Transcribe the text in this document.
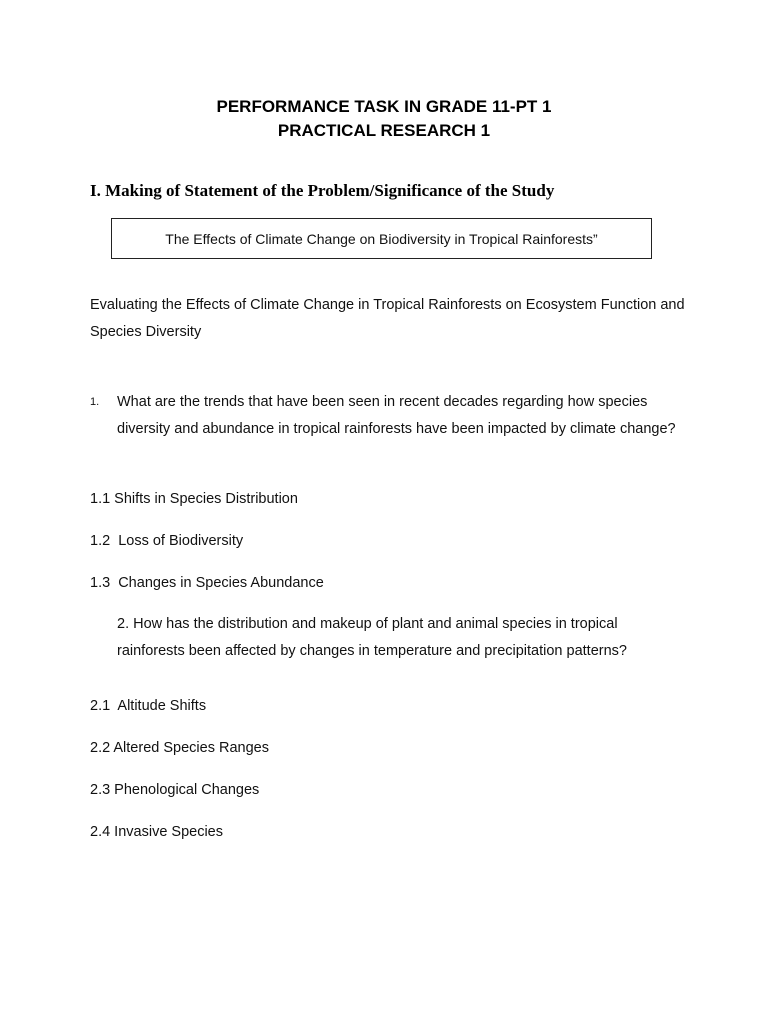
PERFORMANCE TASK IN GRADE 11-PT 1
PRACTICAL RESEARCH 1
I. Making of Statement of the Problem/Significance of the Study
The Effects of Climate Change on Biodiversity in Tropical Rainforests”
Evaluating the Effects of Climate Change in Tropical Rainforests on Ecosystem Function and Species Diversity
1. What are the trends that have been seen in recent decades regarding how species diversity and abundance in tropical rainforests have been impacted by climate change?
1.1 Shifts in Species Distribution
1.2  Loss of Biodiversity
1.3  Changes in Species Abundance
2. How has the distribution and makeup of plant and animal species in tropical rainforests been affected by changes in temperature and precipitation patterns?
2.1  Altitude Shifts
2.2 Altered Species Ranges
2.3 Phenological Changes
2.4 Invasive Species
